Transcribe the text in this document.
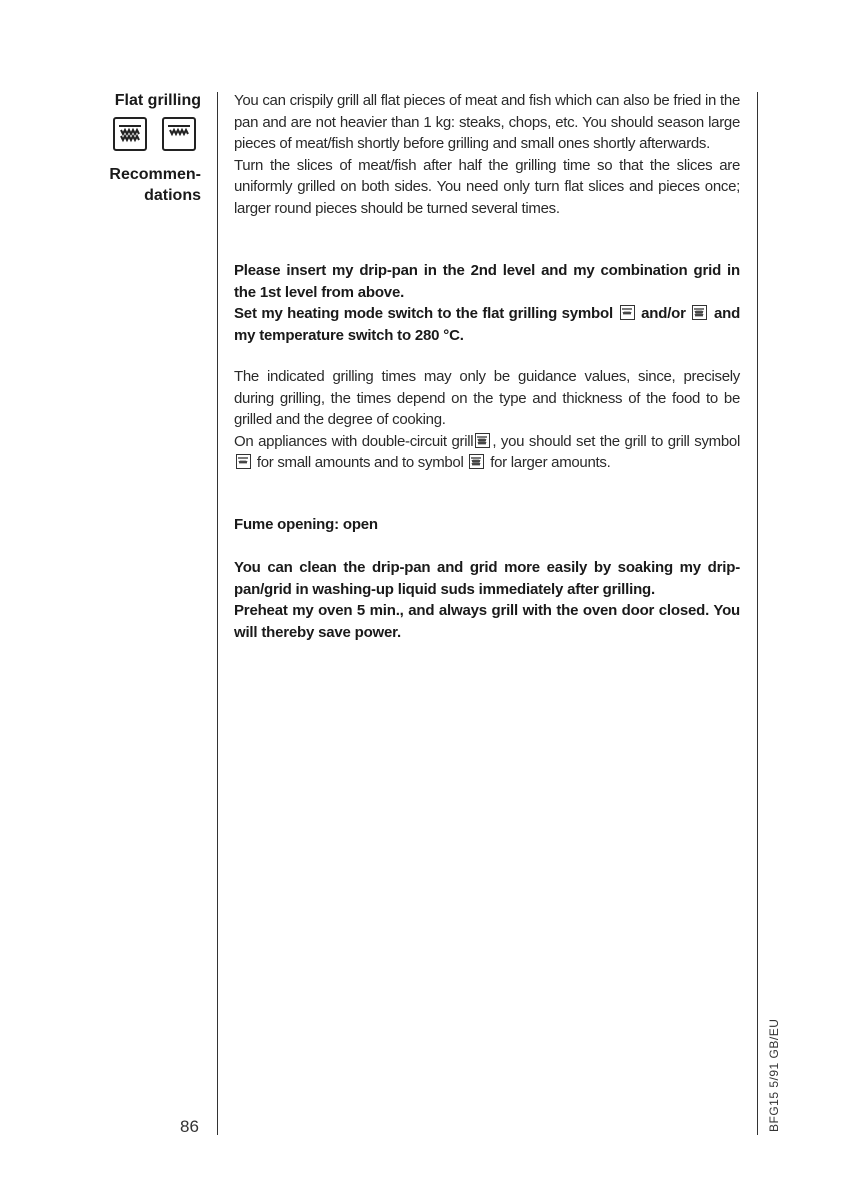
Flat grilling
Recommen-
dations

You can crispily grill all flat pieces of meat and fish which can also be fried in the pan and are not heavier than 1 kg: steaks, chops, etc. You should season large pieces of meat/fish shortly before grilling and small ones shortly afterwards.

Turn the slices of meat/fish after half the grilling time so that the slices are uniformly grilled on both sides. You need only turn flat slices and pieces once; larger round pieces should be turned several times.

Please insert my drip-pan in the 2nd level and my combination grid in the 1st level from above.

Set my heating mode switch to the flat grilling symbol and/or and my temperature switch to 280 °C.

The indicated grilling times may only be guidance values, since, precisely during grilling, the times depend on the type and thickness of the food to be grilled and the degree of cooking.

On appliances with double-circuit grill , you should set the grill to grill symbol
for small amounts and to symbol for larger amounts.

Fume opening: open

You can clean the drip-pan and grid more easily by soaking my drip-pan/grid in washing-up liquid suds immediately after grilling.

Preheat my oven 5 min., and always grill with the oven door closed. You will thereby save power.

86	BFG15 5/91 GB/EU
